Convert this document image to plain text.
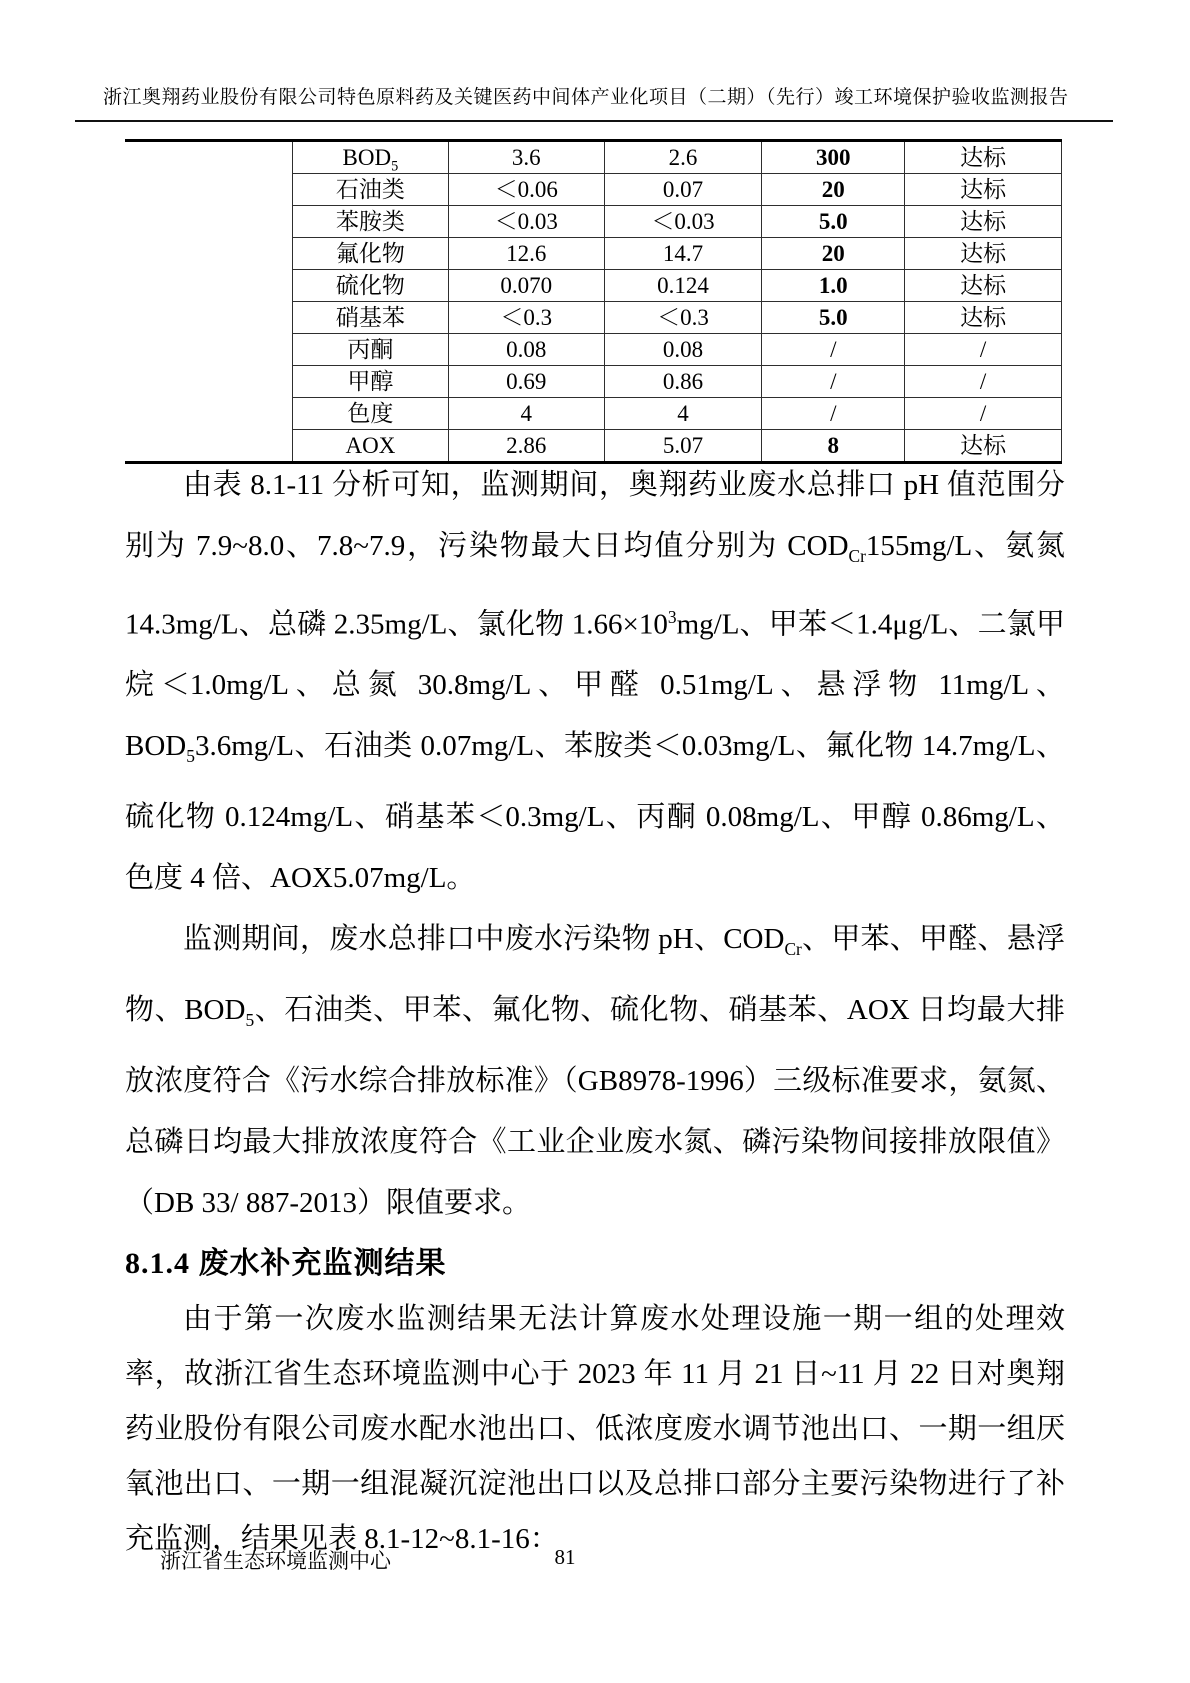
浙江奥翔药业股份有限公司特色原料药及关键医药中间体产业化项目（二期）（先行）竣工环境保护验收监测报告
$BOD_5$	3.6	2.6	300	达标
石油类	＜0.06	0.07	20	达标
苯胺类	＜0.03	＜0.03	5.0	达标
氟化物	12.6	14.7	20	达标
硫化物	0.070	0.124	1.0	达标
硝基苯	＜0.3	＜0.3	5.0	达标
丙酮	0.08	0.08	/	/
甲醇	0.69	0.86	/	/
色度	4	4	/	/
AOX	2.86	5.07	8	达标

由表 8.1-11 分析可知，监测期间，奥翔药业废水总排口 pH 值范围分别为 7.9~8.0、7.8~7.9，污染物最大日均值分别为 $COD_{Cr}155mg/L$、氨氮 14.3mg/L、总磷 2.35mg/L、氯化物 $1.66\times 10^3mg/L$、甲苯＜1.4μg/L、二氯甲烷＜1.0mg/L、总氮 30.8mg/L、甲醛 0.51mg/L、悬浮物 11mg/L、$BOD_53.6mg/L$、石油类 0.07mg/L、苯胺类＜0.03mg/L、氟化物 14.7mg/L、硫化物 0.124mg/L、硝基苯＜0.3mg/L、丙酮 0.08mg/L、甲醇 0.86mg/L、色度 4 倍、AOX5.07mg/L。

监测期间，废水总排口中废水污染物 pH、$COD_{Cr}$、甲苯、甲醛、悬浮物、$BOD_5$、石油类、甲苯、氟化物、硫化物、硝基苯、AOX 日均最大排放浓度符合《污水综合排放标准》（GB8978-1996）三级标准要求，氨氮、总磷日均最大排放浓度符合《工业企业废水氮、磷污染物间接排放限值》（DB 33/ 887-2013）限值要求。

8.1.4 废水补充监测结果

由于第一次废水监测结果无法计算废水处理设施一期一组的处理效率，故浙江省生态环境监测中心于 2023 年 11 月 21 日~11 月 22 日对奥翔药业股份有限公司废水配水池出口、低浓度废水调节池出口、一期一组厌氧池出口、一期一组混凝沉淀池出口以及总排口部分主要污染物进行了补充监测，结果见表 8.1-12~8.1-16：

81
浙江省生态环境监测中心
